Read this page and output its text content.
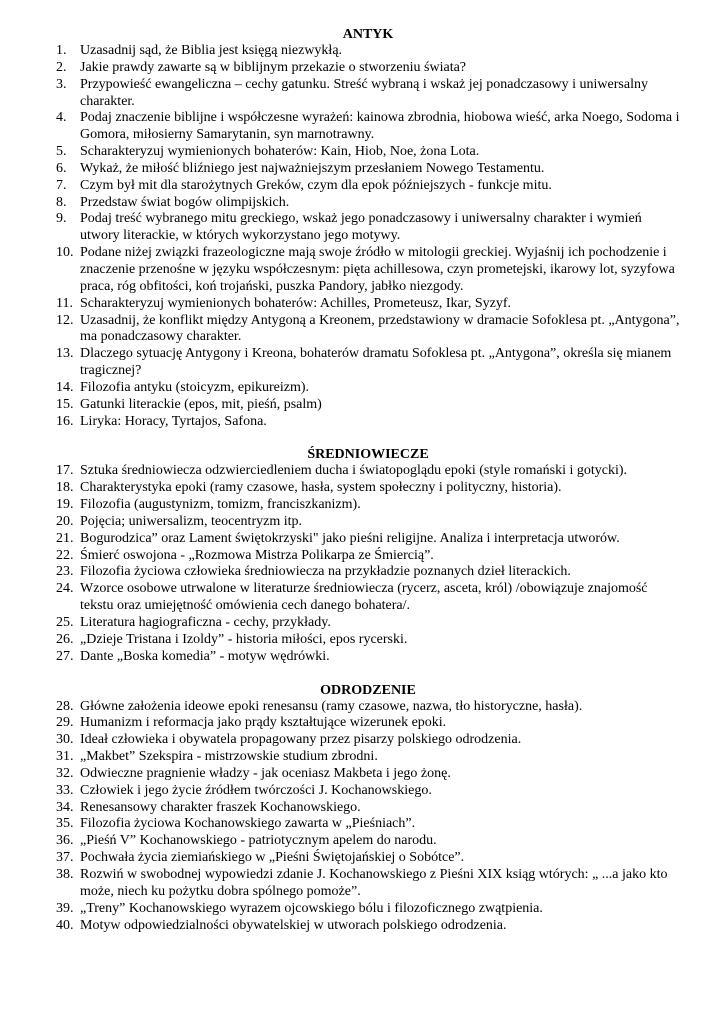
ANTYK
1. Uzasadnij sąd, że Biblia jest księgą niezwykłą.
2. Jakie prawdy zawarte są w biblijnym przekazie o stworzeniu świata?
3. Przypowieść ewangeliczna – cechy gatunku. Streść wybraną i wskaż jej ponadczasowy i uniwersalny charakter.
4. Podaj znaczenie biblijne i współczesne wyrażeń: kainowa zbrodnia, hiobowa wieść, arka Noego, Sodoma i Gomora, miłosierny Samarytanin, syn marnotrawny.
5. Scharakteryzuj wymienionych bohaterów: Kain, Hiob, Noe, żona Lota.
6. Wykaż, że miłość bliźniego jest najważniejszym przesłaniem Nowego Testamentu.
7. Czym był mit dla starożytnych Greków, czym dla epok późniejszych - funkcje mitu.
8. Przedstaw świat bogów olimpijskich.
9. Podaj treść wybranego mitu greckiego, wskaż jego ponadczasowy i uniwersalny charakter i wymień utwory literackie, w których wykorzystano jego motywy.
10. Podane niżej związki frazeologiczne mają swoje źródło w mitologii greckiej. Wyjaśnij ich pochodzenie i znaczenie przenośne w języku współczesnym: pięta achillesowa, czyn prometejski, ikarowy lot, syzyfowa praca, róg obfitości, koń trojański, puszka Pandory, jabłko niezgody.
11. Scharakteryzuj wymienionych bohaterów: Achilles, Prometeusz, Ikar, Syzyf.
12. Uzasadnij, że konflikt między Antygoną a Kreonem, przedstawiony w dramacie Sofoklesa pt. „Antygona”, ma ponadczasowy charakter.
13. Dlaczego sytuację Antygony i Kreona, bohaterów dramatu Sofoklesa pt. „Antygona”, określa się mianem tragicznej?
14. Filozofia antyku (stoicyzm, epikureizm).
15. Gatunki literackie (epos, mit, pieśń, psalm)
16. Liryka: Horacy, Tyrtajos, Safona.
ŚREDNIOWIECZE
17. Sztuka średniowiecza odzwierciedleniem ducha i światopoglądu epoki (style romański i gotycki).
18. Charakterystyka epoki (ramy czasowe, hasła, system społeczny i polityczny, historia).
19. Filozofia (augustynizm, tomizm, franciszkanizm).
20. Pojęcia; uniwersalizm, teocentryzm itp.
21. Bogurodzica” oraz Lament świętokrzyski" jako pieśni religijne. Analiza i interpretacja utworów.
22. Śmierć oswojona - „Rozmowa Mistrza Polikarpa ze Śmiercią”.
23. Filozofia życiowa człowieka średniowiecza na przykładzie poznanych dzieł literackich.
24. Wzorce osobowe utrwalone w literaturze średniowiecza (rycerz, asceta, król) /obowiązuje znajomość tekstu oraz umiejętność omówienia cech danego bohatera/.
25. Literatura hagiograficzna - cechy, przykłady.
26. „Dzieje Tristana i Izoldy” - historia miłości, epos rycerski.
27. Dante „Boska komedia” - motyw wędrówki.
ODRODZENIE
28. Główne założenia ideowe epoki renesansu (ramy czasowe, nazwa, tło historyczne, hasła).
29. Humanizm i reformacja jako prądy kształtujące wizerunek epoki.
30. Ideał człowieka i obywatela propagowany przez pisarzy polskiego odrodzenia.
31. „Makbet” Szekspira - mistrzowskie studium zbrodni.
32. Odwieczne pragnienie władzy - jak oceniasz Makbeta i jego żonę.
33. Człowiek i jego życie źródłem twórczości J. Kochanowskiego.
34. Renesansowy charakter fraszek Kochanowskiego.
35. Filozofia życiowa Kochanowskiego zawarta w „Pieśniach”.
36. „Pieśń V” Kochanowskiego - patriotycznym apelem do narodu.
37. Pochwała życia ziemiańskiego w „Pieśni Świętojańskiej o Sobótce”.
38. Rozwiń w swobodnej wypowiedzi zdanie J. Kochanowskiego z Pieśni XIX ksiąg wtórych: „ ...a jako kto może, niech ku pożytku dobra spólnego pomoże”.
39. „Treny” Kochanowskiego wyrazem ojcowskiego bólu i filozoficznego zwątpienia.
40. Motyw odpowiedzialności obywatelskiej w utworach polskiego odrodzenia.
